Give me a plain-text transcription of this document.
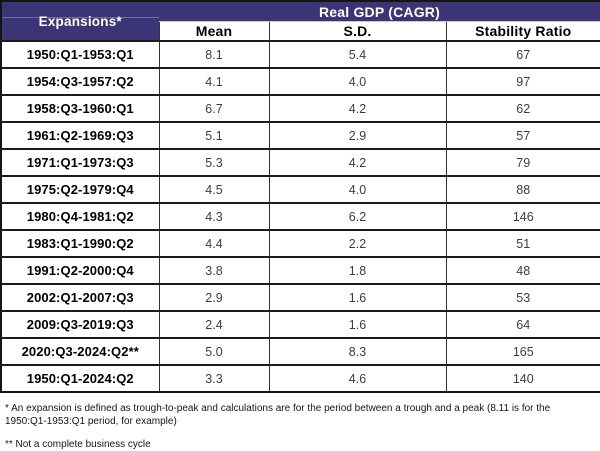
Expansions*	Real GDP (CAGR)		
	Mean	S.D.	Stability Ratio
1950:Q1-1953:Q1	8.1	5.4	67
1954:Q3-1957:Q2	4.1	4.0	97
1958:Q3-1960:Q1	6.7	4.2	62
1961:Q2-1969:Q3	5.1	2.9	57
1971:Q1-1973:Q3	5.3	4.2	79
1975:Q2-1979:Q4	4.5	4.0	88
1980:Q4-1981:Q2	4.3	6.2	146
1983:Q1-1990:Q2	4.4	2.2	51
1991:Q2-2000:Q4	3.8	1.8	48
2002:Q1-2007:Q3	2.9	1.6	53
2009:Q3-2019:Q3	2.4	1.6	64
2020:Q3-2024:Q2**	5.0	8.3	165
1950:Q1-2024:Q2	3.3	4.6	140

* An expansion is defined as trough-to-peak and calculations are for the period between a trough and a peak (8.11 is for the 1950:Q1-1953:Q1 period, for example)

** Not a complete business cycle
